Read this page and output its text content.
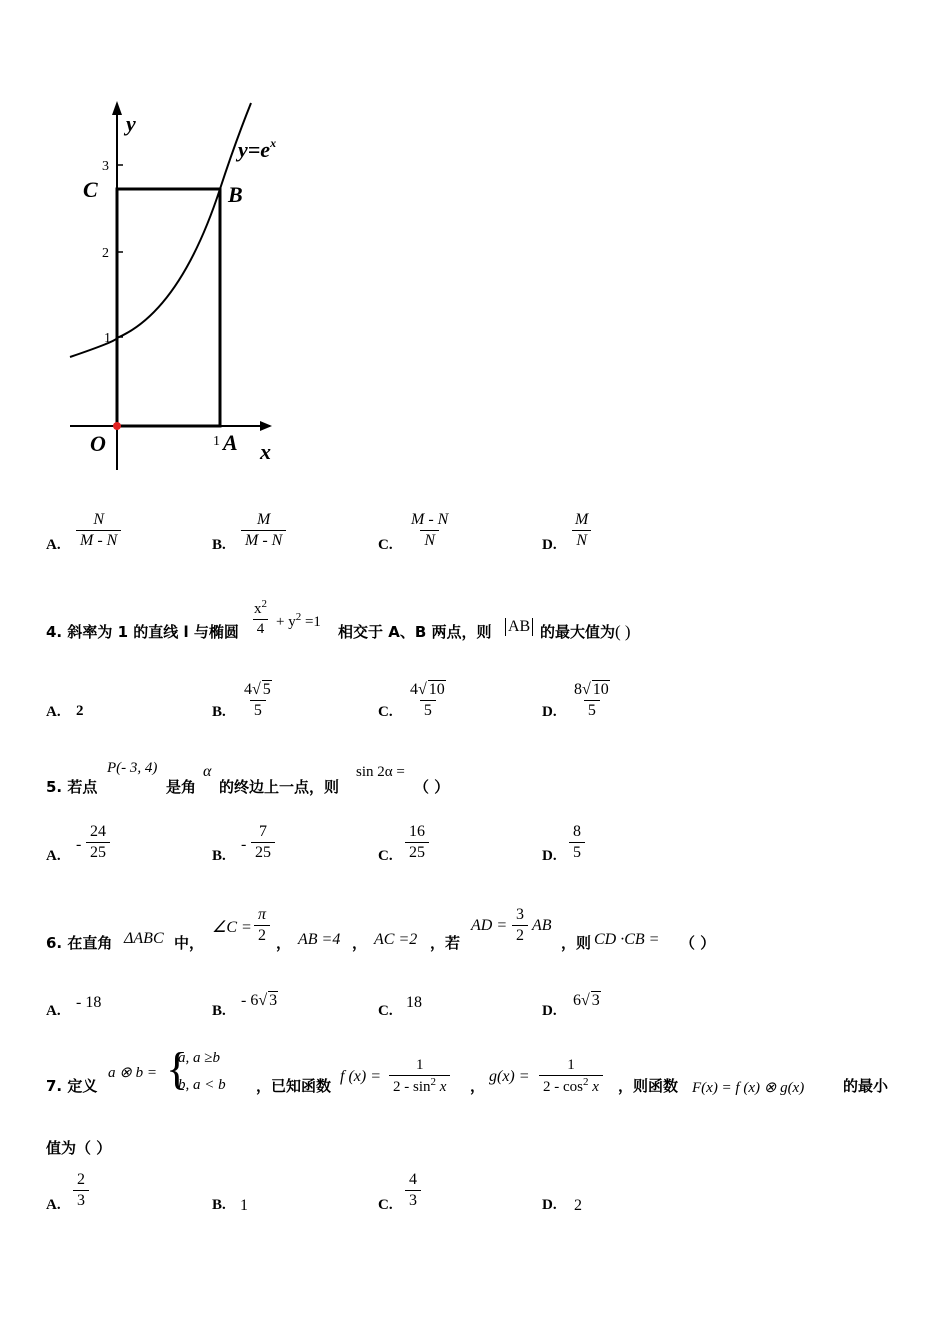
y
x
$y=e^x$
O	A
1
B
C
1
2
3
A. $\frac{N}{M - N}$	B. $\frac{M}{M - N}$	C. $\frac{M - N}{N}$	D. $\frac{M}{N}$
4. 斜率为 1 的直线 l 与椭圆 $\frac{x^2}{4} + y^2 =1$
相交于 A、B 两点，则 AB 的最大值为( )
A. 2	B. $\frac{4√ 5}{5}$	C. $\frac{4√ 10}{5}$	D. $\frac{8√ 10}{5}$
5. 若点
P(- 3, 4)
是角
α
的终边上一点，则
sin 2α =
（ ）
A.
- $\frac{24}{25}$	B.
- $\frac{7}{25}$	C. $\frac{16}{25}$	D. $\frac{8}{5}$
6. 在直角 ΔABC 中，
∠C = $\frac{\pi}{2}$ ， AB =4 ， AC =2 ，若
AD = $\frac{3}{2}$ AB
，则 CD ·CB = （ ）
A. - 18	B.
- 6√ 3
C. 18	D.
6√ 3
7. 定义
a ⊗ b = {
a, a ≥b
b, a < b ，已知函数
f $(x) = \frac{1}{2 - \sin^2 x}$ ，
$g(x) = \frac{1}{2 - \cos^2 x}$ ，则函数 F(x) = f (x) ⊗ g(x)	的最小
值为（ ）
A. $\frac{2}{3}$	B. 1	C. $\frac{4}{3}$	D. 2
